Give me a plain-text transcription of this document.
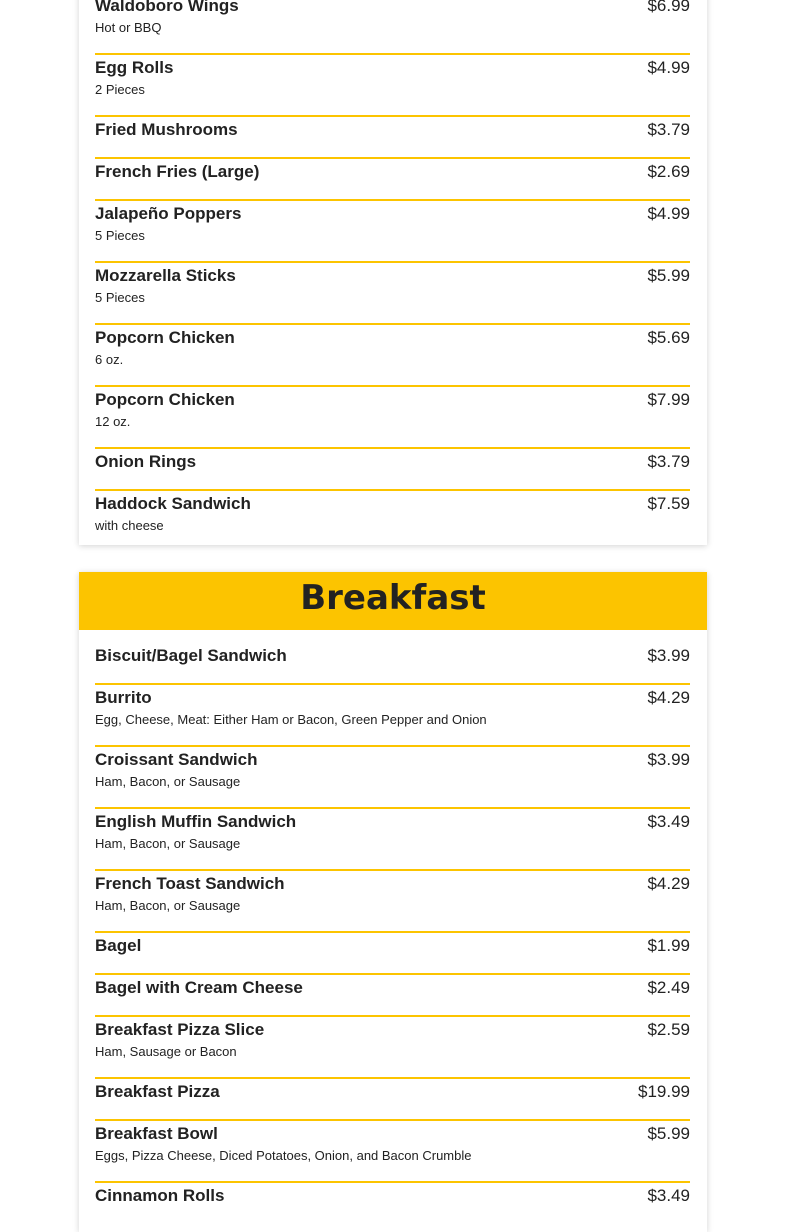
Breakfast
Waldoboro Wings	$6.99
Hot or BBQ
Egg Rolls	$4.99
2 Pieces
Fried Mushrooms	$3.79
French Fries (Large)	$2.69
Jalapeño Poppers	$4.99
5 Pieces
Mozzarella Sticks	$5.99
5 Pieces
Popcorn Chicken	$5.69
6 oz.
Popcorn Chicken	$7.99
12 oz.
Onion Rings	$3.79
Haddock Sandwich	$7.59
with cheese
Biscuit/Bagel Sandwich	$3.99
Burrito	$4.29
Egg, Cheese, Meat: Either Ham or Bacon, Green Pepper and Onion
Croissant Sandwich	$3.99
Ham, Bacon, or Sausage
English Muffin Sandwich	$3.49
Ham, Bacon, or Sausage
French Toast Sandwich	$4.29
Ham, Bacon, or Sausage
Bagel	$1.99
Bagel with Cream Cheese	$2.49
Breakfast Pizza Slice	$2.59
Ham, Sausage or Bacon
Breakfast Pizza	$19.99
Breakfast Bowl	$5.99
Eggs, Pizza Cheese, Diced Potatoes, Onion, and Bacon Crumble
Cinnamon Rolls	$3.49
